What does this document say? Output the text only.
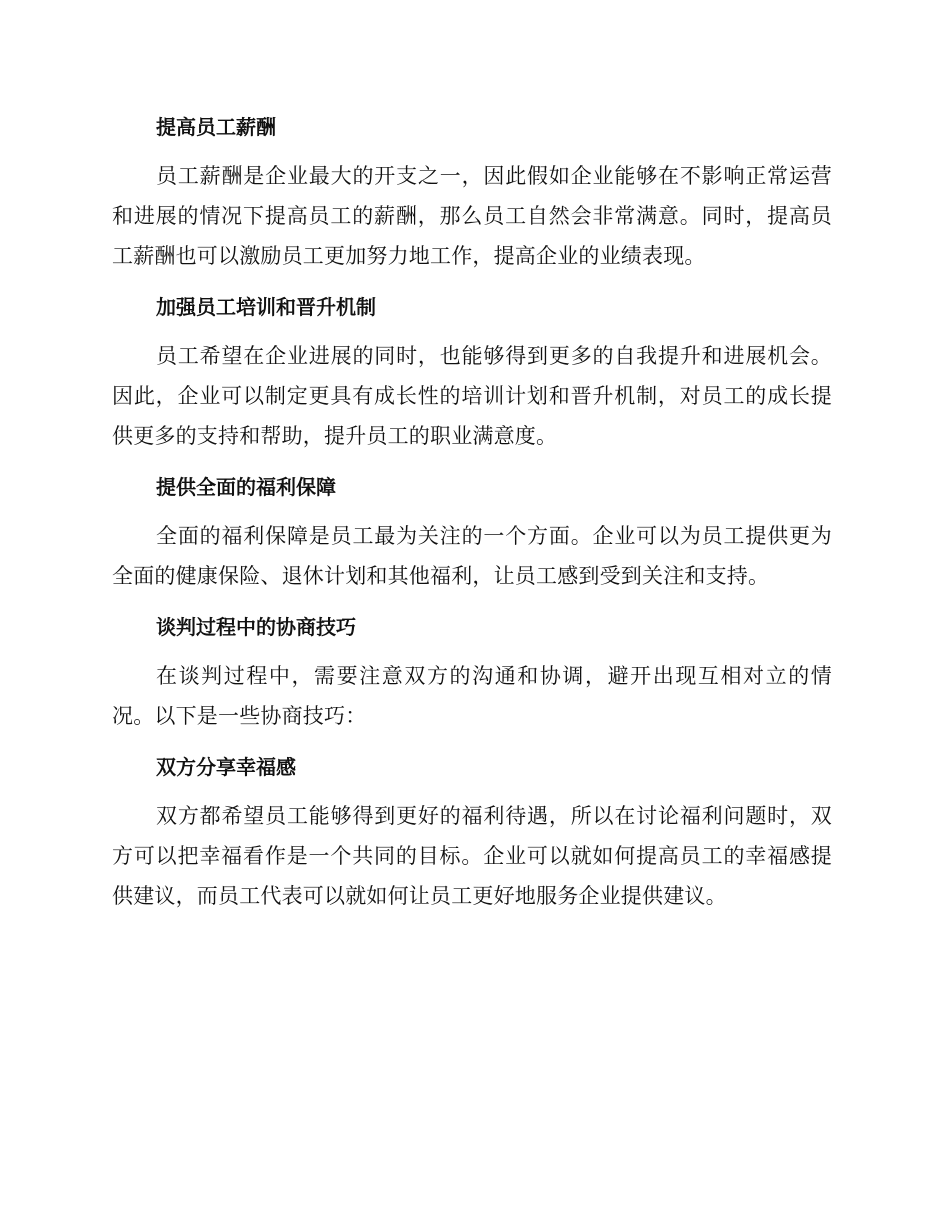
提高员工薪酬

员工薪酬是企业最大的开支之一，因此假如企业能够在不影响正常运营和进展的情况下提高员工的薪酬，那么员工自然会非常满意。同时，提高员工薪酬也可以激励员工更加努力地工作，提高企业的业绩表现。

加强员工培训和晋升机制

员工希望在企业进展的同时，也能够得到更多的自我提升和进展机会。因此，企业可以制定更具有成长性的培训计划和晋升机制，对员工的成长提供更多的支持和帮助，提升员工的职业满意度。

提供全面的福利保障

全面的福利保障是员工最为关注的一个方面。企业可以为员工提供更为全面的健康保险、退休计划和其他福利，让员工感到受到关注和支持。

谈判过程中的协商技巧

在谈判过程中，需要注意双方的沟通和协调，避开出现互相对立的情况。以下是一些协商技巧：

双方分享幸福感

双方都希望员工能够得到更好的福利待遇，所以在讨论福利问题时，双方可以把幸福看作是一个共同的目标。企业可以就如何提高员工的幸福感提供建议，而员工代表可以就如何让员工更好地服务企业提供建议。
